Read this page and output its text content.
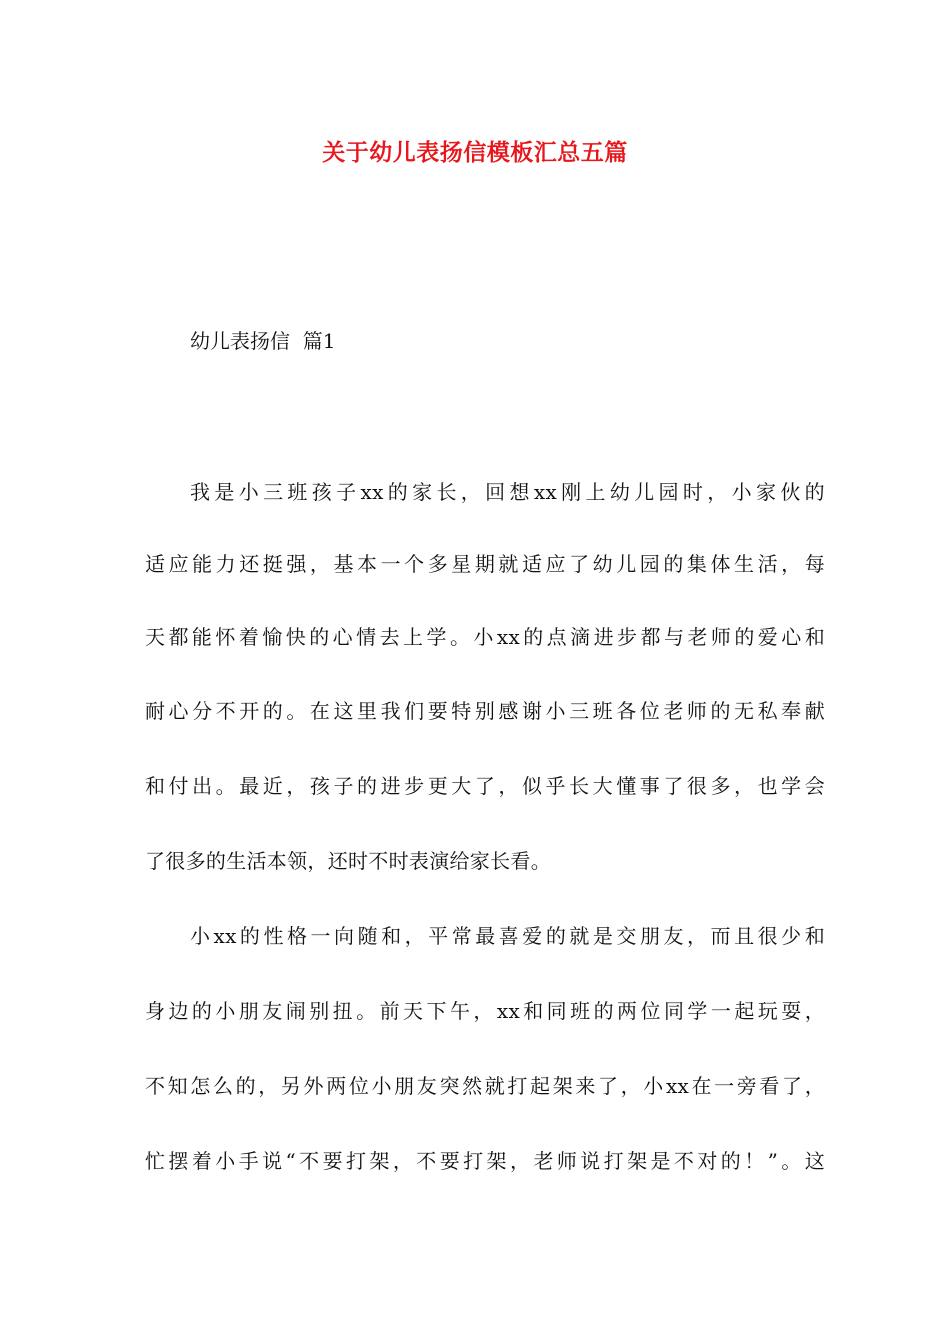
关于幼儿表扬信模板汇总五篇
幼儿表扬信  篇1
我是小三班孩子xx的家长，回想xx刚上幼儿园时，小家伙的
适应能力还挺强，基本一个多星期就适应了幼儿园的集体生活，每
天都能怀着愉快的心情去上学。小xx的点滴进步都与老师的爱心和
耐心分不开的。在这里我们要特别感谢小三班各位老师的无私奉献
和付出。最近，孩子的进步更大了，似乎长大懂事了很多，也学会
了很多的生活本领，还时不时表演给家长看。
小xx的性格一向随和，平常最喜爱的就是交朋友，而且很少和
身边的小朋友闹别扭。前天下午，xx和同班的两位同学一起玩耍，
不知怎么的，另外两位小朋友突然就打起架来了，小xx在一旁看了，
忙摆着小手说“不要打架，不要打架，老师说打架是不对的！”。这
